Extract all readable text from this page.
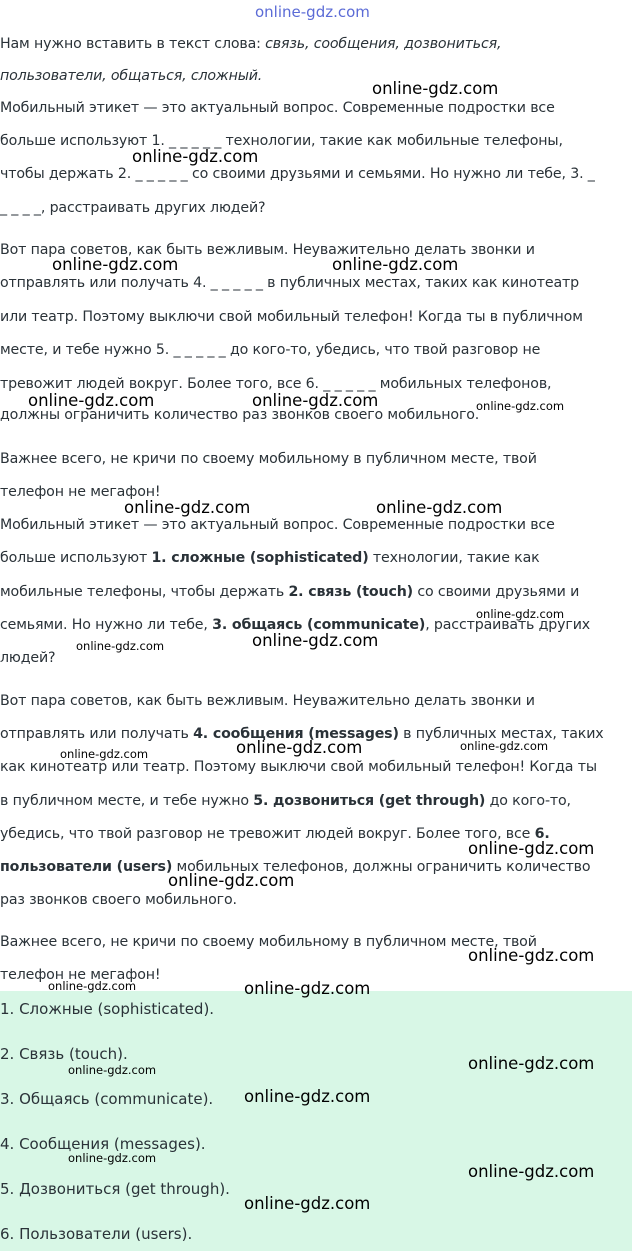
online-gdz.com
Нам нужно вставить в текст слова: связь, сообщения, дозвониться,
пользователи, общаться, сложный.
Мобильный этикет — это актуальный вопрос. Современные подростки все
больше используют 1. _ _ _ _ _ технологии, такие как мобильные телефоны,
чтобы держать 2. _ _ _ _ _ со своими друзьями и семьями. Но нужно ли тебе, 3. _
_ _ _ _, расстраивать других людей?
Вот пара советов, как быть вежливым. Неуважительно делать звонки и
отправлять или получать 4. _ _ _ _ _ в публичных местах, таких как кинотеатр
или театр. Поэтому выключи свой мобильный телефон! Когда ты в публичном
месте, и тебе нужно 5. _ _ _ _ _ до кого-то, убедись, что твой разговор не
тревожит людей вокруг. Более того, все 6. _ _ _ _ _ мобильных телефонов,
должны ограничить количество раз звонков своего мобильного.
Важнее всего, не кричи по своему мобильному в публичном месте, твой
телефон не мегафон!
Мобильный этикет — это актуальный вопрос. Современные подростки все
больше используют 1. сложные (sophisticated) технологии, такие как
мобильные телефоны, чтобы держать 2. связь (touch) со своими друзьями и
семьями. Но нужно ли тебе, 3. общаясь (communicate), расстраивать других
людей?
Вот пара советов, как быть вежливым. Неуважительно делать звонки и
отправлять или получать 4. сообщения (messages) в публичных местах, таких
как кинотеатр или театр. Поэтому выключи свой мобильный телефон! Когда ты
в публичном месте, и тебе нужно 5. дозвониться (get through) до кого-то,
убедись, что твой разговор не тревожит людей вокруг. Более того, все 6.
пользователи (users) мобильных телефонов, должны ограничить количество
раз звонков своего мобильного.
Важнее всего, не кричи по своему мобильному в публичном месте, твой
телефон не мегафон!
1. Сложные (sophisticated).
2. Связь (touch).
3. Общаясь (communicate).
4. Сообщения (messages).
5. Дозвониться (get through).
6. Пользователи (users).
online-gdz.com
online-gdz.com
online-gdz.com	online-gdz.com
online-gdz.com	online-gdz.com	online-gdz.com
online-gdz.com	online-gdz.com
online-gdz.com
online-gdz.com
online-gdz.com
online-gdz.com	online-gdz.com
online-gdz.com
online-gdz.com
online-gdz.com
online-gdz.com
online-gdz.com	online-gdz.com
online-gdz.com
online-gdz.com
online-gdz.com
online-gdz.com
online-gdz.com
online-gdz.com
